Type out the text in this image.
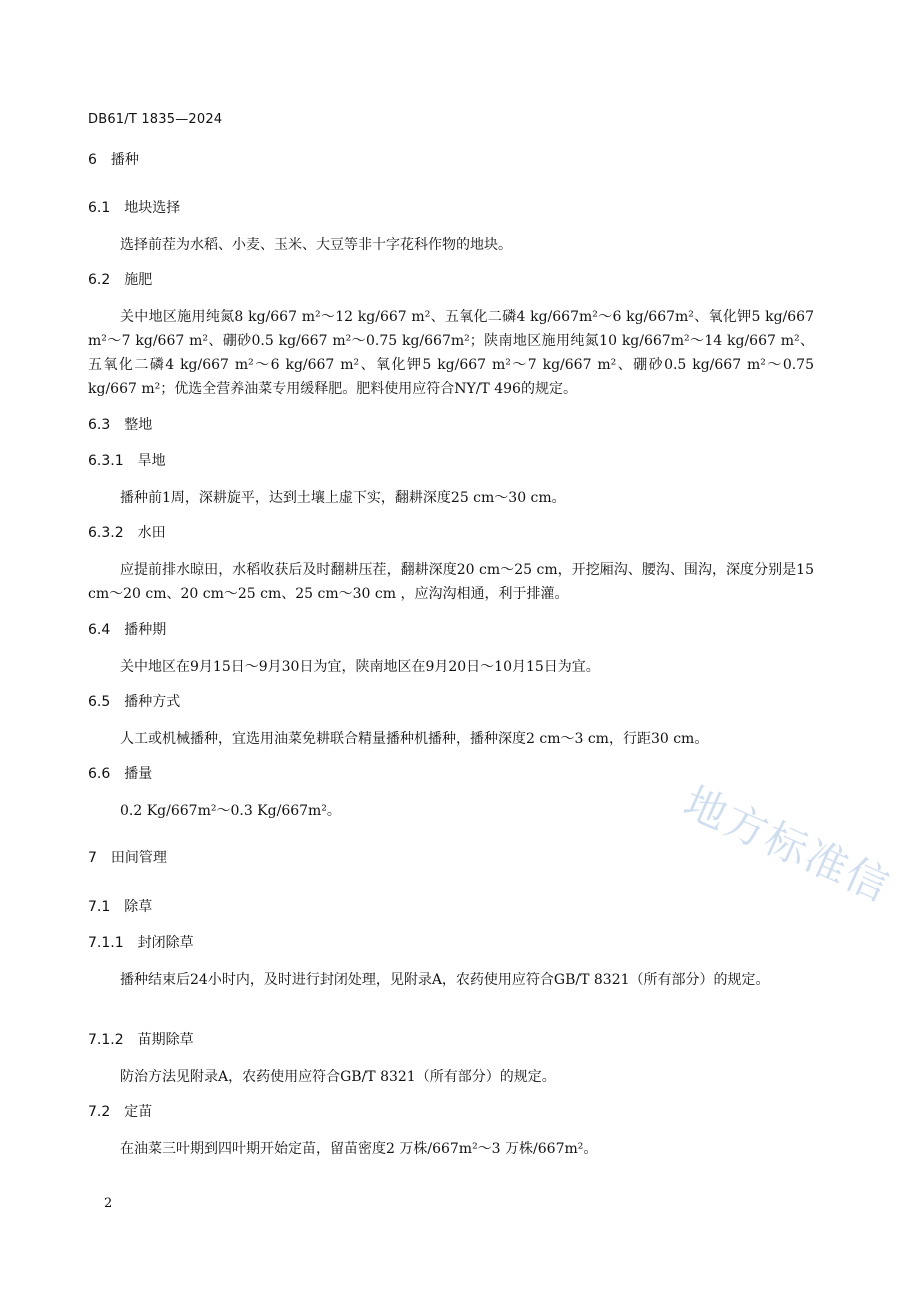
地方标准信
DB61/T 1835—2024
6 播种
6.1 地块选择
选择前茬为水稻、小麦、玉米、大豆等非十字花科作物的地块。
6.2 施肥
关中地区施用纯氮8 kg/667 m²～12 kg/667 m²、五氧化二磷4 kg/667m²～6 kg/667m²、氧化钾5 kg/667 m²～7 kg/667 m²、硼砂0.5 kg/667 m²～0.75 kg/667m²；陕南地区施用纯氮10 kg/667m²～14 kg/667 m²、五氧化二磷4 kg/667 m²～6 kg/667 m²、氧化钾5 kg/667 m²～7 kg/667 m²、硼砂0.5 kg/667 m²～0.75 kg/667 m²；优选全营养油菜专用缓释肥。肥料使用应符合NY/T 496的规定。
6.3 整地
6.3.1 旱地
播种前1周，深耕旋平，达到土壤上虚下实，翻耕深度25 cm～30 cm。
6.3.2 水田
应提前排水晾田，水稻收获后及时翻耕压茬，翻耕深度20 cm～25 cm，开挖厢沟、腰沟、围沟，深度分别是15 cm～20 cm、20 cm～25 cm、25 cm～30 cm ，应沟沟相通，利于排灌。
6.4 播种期
关中地区在9月15日～9月30日为宜，陕南地区在9月20日～10月15日为宜。
6.5 播种方式
人工或机械播种，宜选用油菜免耕联合精量播种机播种，播种深度2 cm～3 cm，行距30 cm。
6.6 播量
0.2 Kg/667m²～0.3 Kg/667m²。
7 田间管理
7.1 除草
7.1.1 封闭除草
播种结束后24小时内，及时进行封闭处理，见附录A，农药使用应符合GB/T 8321（所有部分）的规定。
7.1.2 苗期除草
防治方法见附录A，农药使用应符合GB/T 8321（所有部分）的规定。
7.2 定苗
在油菜三叶期到四叶期开始定苗，留苗密度2 万株/667m²～3 万株/667m²。
2
